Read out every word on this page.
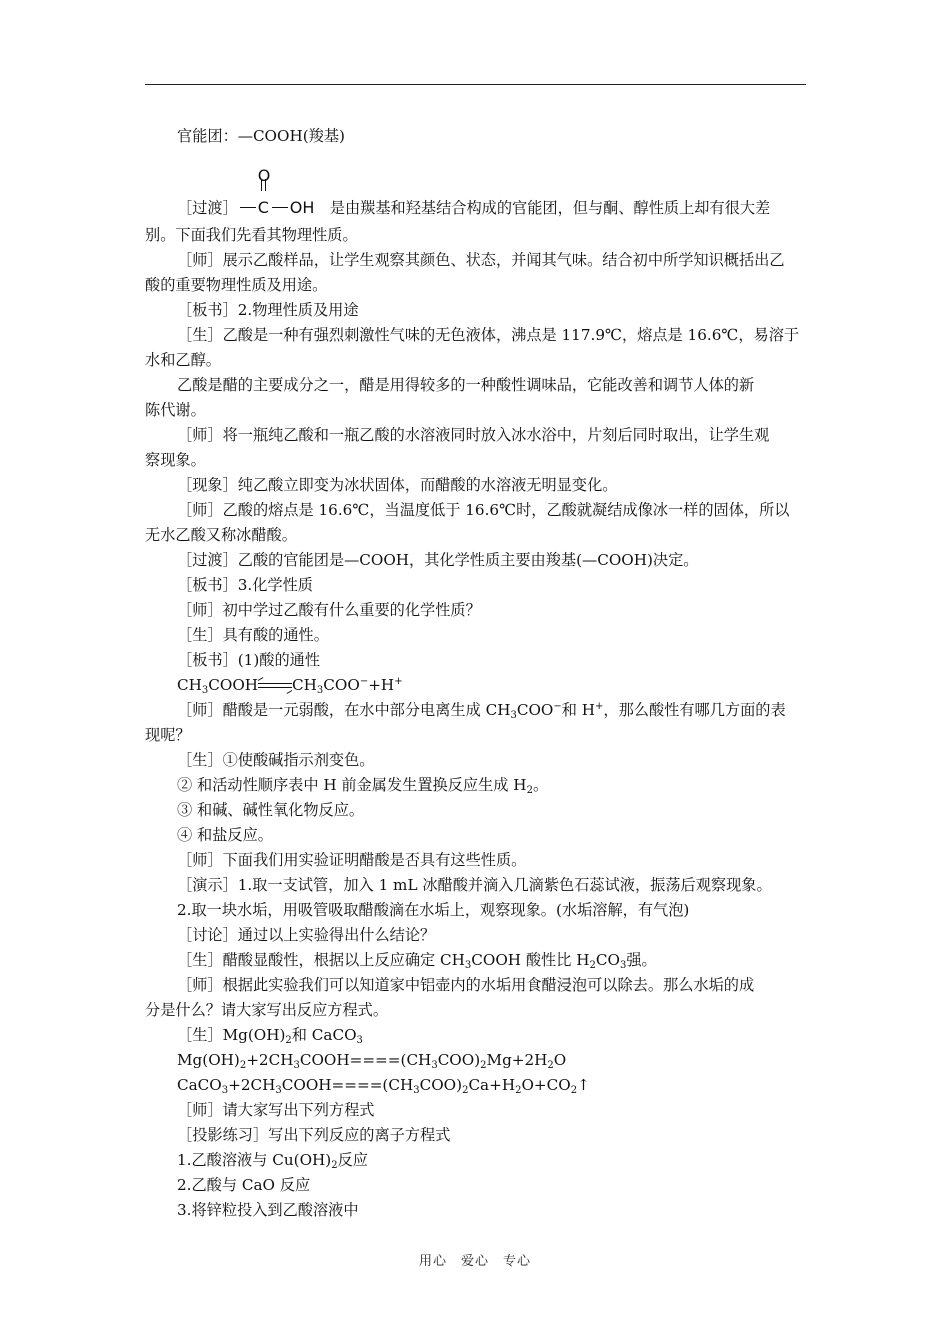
官能团：—COOH(羧基)
［过渡］
O
C OH 是由羰基和羟基结合构成的官能团，但与酮、醇性质上却有很大差
别。下面我们先看其物理性质。
［师］展示乙酸样品，让学生观察其颜色、状态，并闻其气味。结合初中所学知识概括出乙
酸的重要物理性质及用途。
［板书］2.物理性质及用途
［生］乙酸是一种有强烈刺激性气味的无色液体，沸点是 117.9℃，熔点是 16.6℃，易溶于
水和乙醇。
乙酸是醋的主要成分之一，醋是用得较多的一种酸性调味品，它能改善和调节人体的新
陈代谢。
［师］将一瓶纯乙酸和一瓶乙酸的水溶液同时放入冰水浴中，片刻后同时取出，让学生观
察现象。
［现象］纯乙酸立即变为冰状固体，而醋酸的水溶液无明显变化。
［师］乙酸的熔点是 16.6℃，当温度低于 16.6℃时，乙酸就凝结成像冰一样的固体，所以
无水乙酸又称冰醋酸。
［过渡］乙酸的官能团是—COOH，其化学性质主要由羧基(—COOH)决定。
［板书］3.化学性质
［师］初中学过乙酸有什么重要的化学性质？
［生］具有酸的通性。
［板书］(1)酸的通性
$CH_3COOH\rightleftharpoons CH_3COO^-+H^+$
［师］醋酸是一元弱酸，在水中部分电离生成 $CH_3COO^-$和 H+，那么酸性有哪几方面的表
现呢？
［生］①使酸碱指示剂变色。
② 和活动性顺序表中 H 前金属发生置换反应生成 $H_2$。
③ 和碱、碱性氧化物反应。
④ 和盐反应。
［师］下面我们用实验证明醋酸是否具有这些性质。
［演示］1.取一支试管，加入 1 mL 冰醋酸并滴入几滴紫色石蕊试液，振荡后观察现象。
2.取一块水垢，用吸管吸取醋酸滴在水垢上，观察现象。(水垢溶解，有气泡)
［讨论］通过以上实验得出什么结论？
［生］醋酸显酸性，根据以上反应确定 $CH_3COOH$ 酸性比 $H_2CO_3$强。
［师］根据此实验我们可以知道家中铝壶内的水垢用食醋浸泡可以除去。那么水垢的成
分是什么？请大家写出反应方程式。
［生$]Mg(OH)_2$和 CaCO$_3$
$Mg(OH)_2+2CH_3COOH====(CH_3COO)_2Mg+2H_2O$
$CaCO_3+2CH_3COOH====(CH_3COO)_2Ca+H_2O+CO_2↑$
［师］请大家写出下列方程式
［投影练习］写出下列反应的离子方程式
1.乙酸溶液与 $Cu(OH)_2$反应
2.乙酸与 CaO 反应
3.将锌粒投入到乙酸溶液中
用心　爱心　专心
